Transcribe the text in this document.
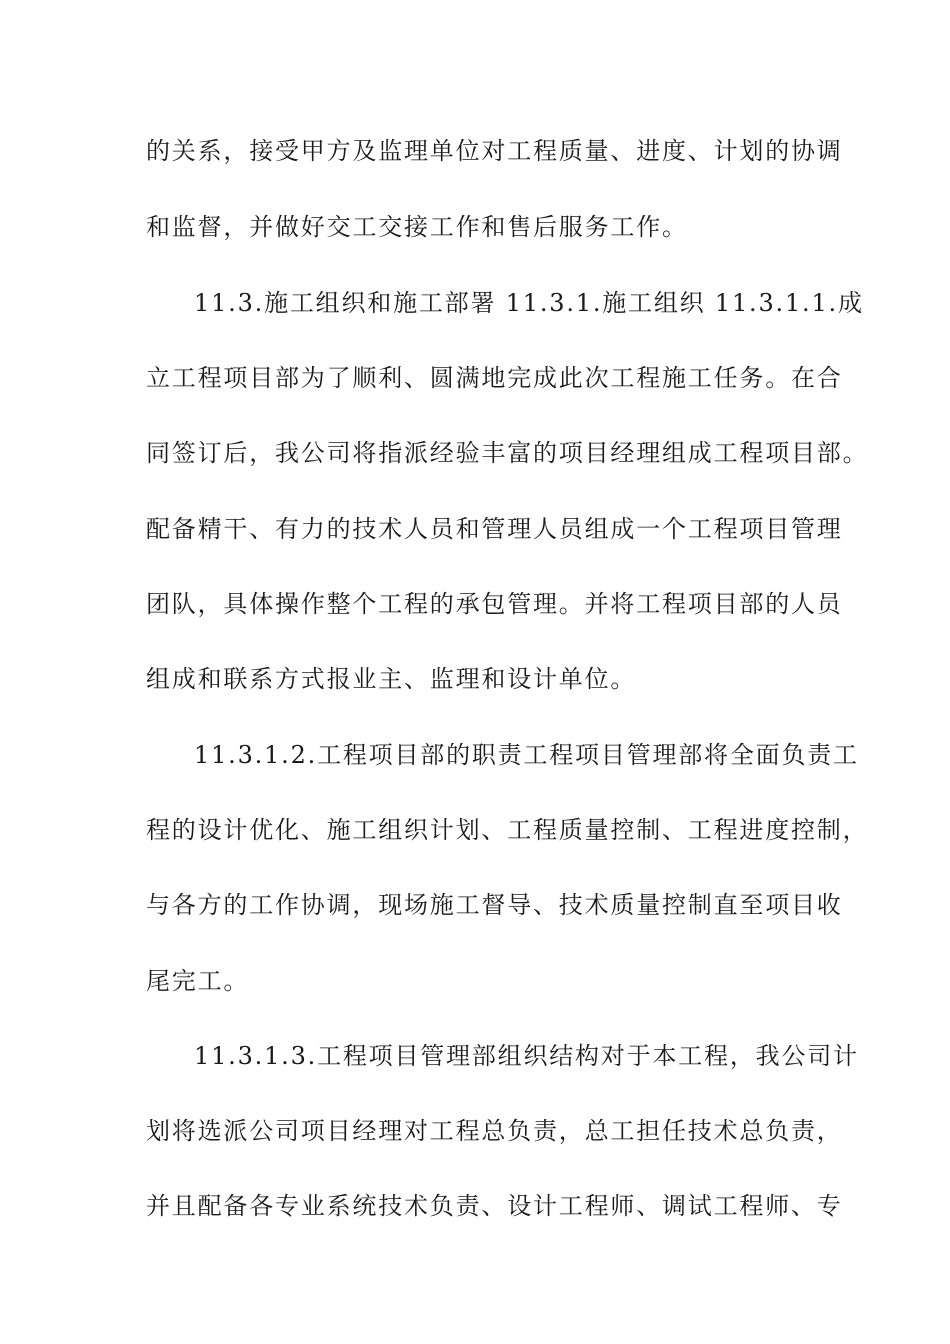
的关系，接受甲方及监理单位对工程质量、进度、计划的协调
和监督，并做好交工交接工作和售后服务工作。
11.3.施工组织和施工部署 11.3.1.施工组织 11.3.1.1.成
立工程项目部为了顺利、圆满地完成此次工程施工任务。在合
同签订后，我公司将指派经验丰富的项目经理组成工程项目部。
配备精干、有力的技术人员和管理人员组成一个工程项目管理
团队，具体操作整个工程的承包管理。并将工程项目部的人员
组成和联系方式报业主、监理和设计单位。
11.3.1.2.工程项目部的职责工程项目管理部将全面负责工
程的设计优化、施工组织计划、工程质量控制、工程进度控制，
与各方的工作协调，现场施工督导、技术质量控制直至项目收
尾完工。
11.3.1.3.工程项目管理部组织结构对于本工程，我公司计
划将选派公司项目经理对工程总负责，总工担任技术总负责，
并且配备各专业系统技术负责、设计工程师、调试工程师、专
